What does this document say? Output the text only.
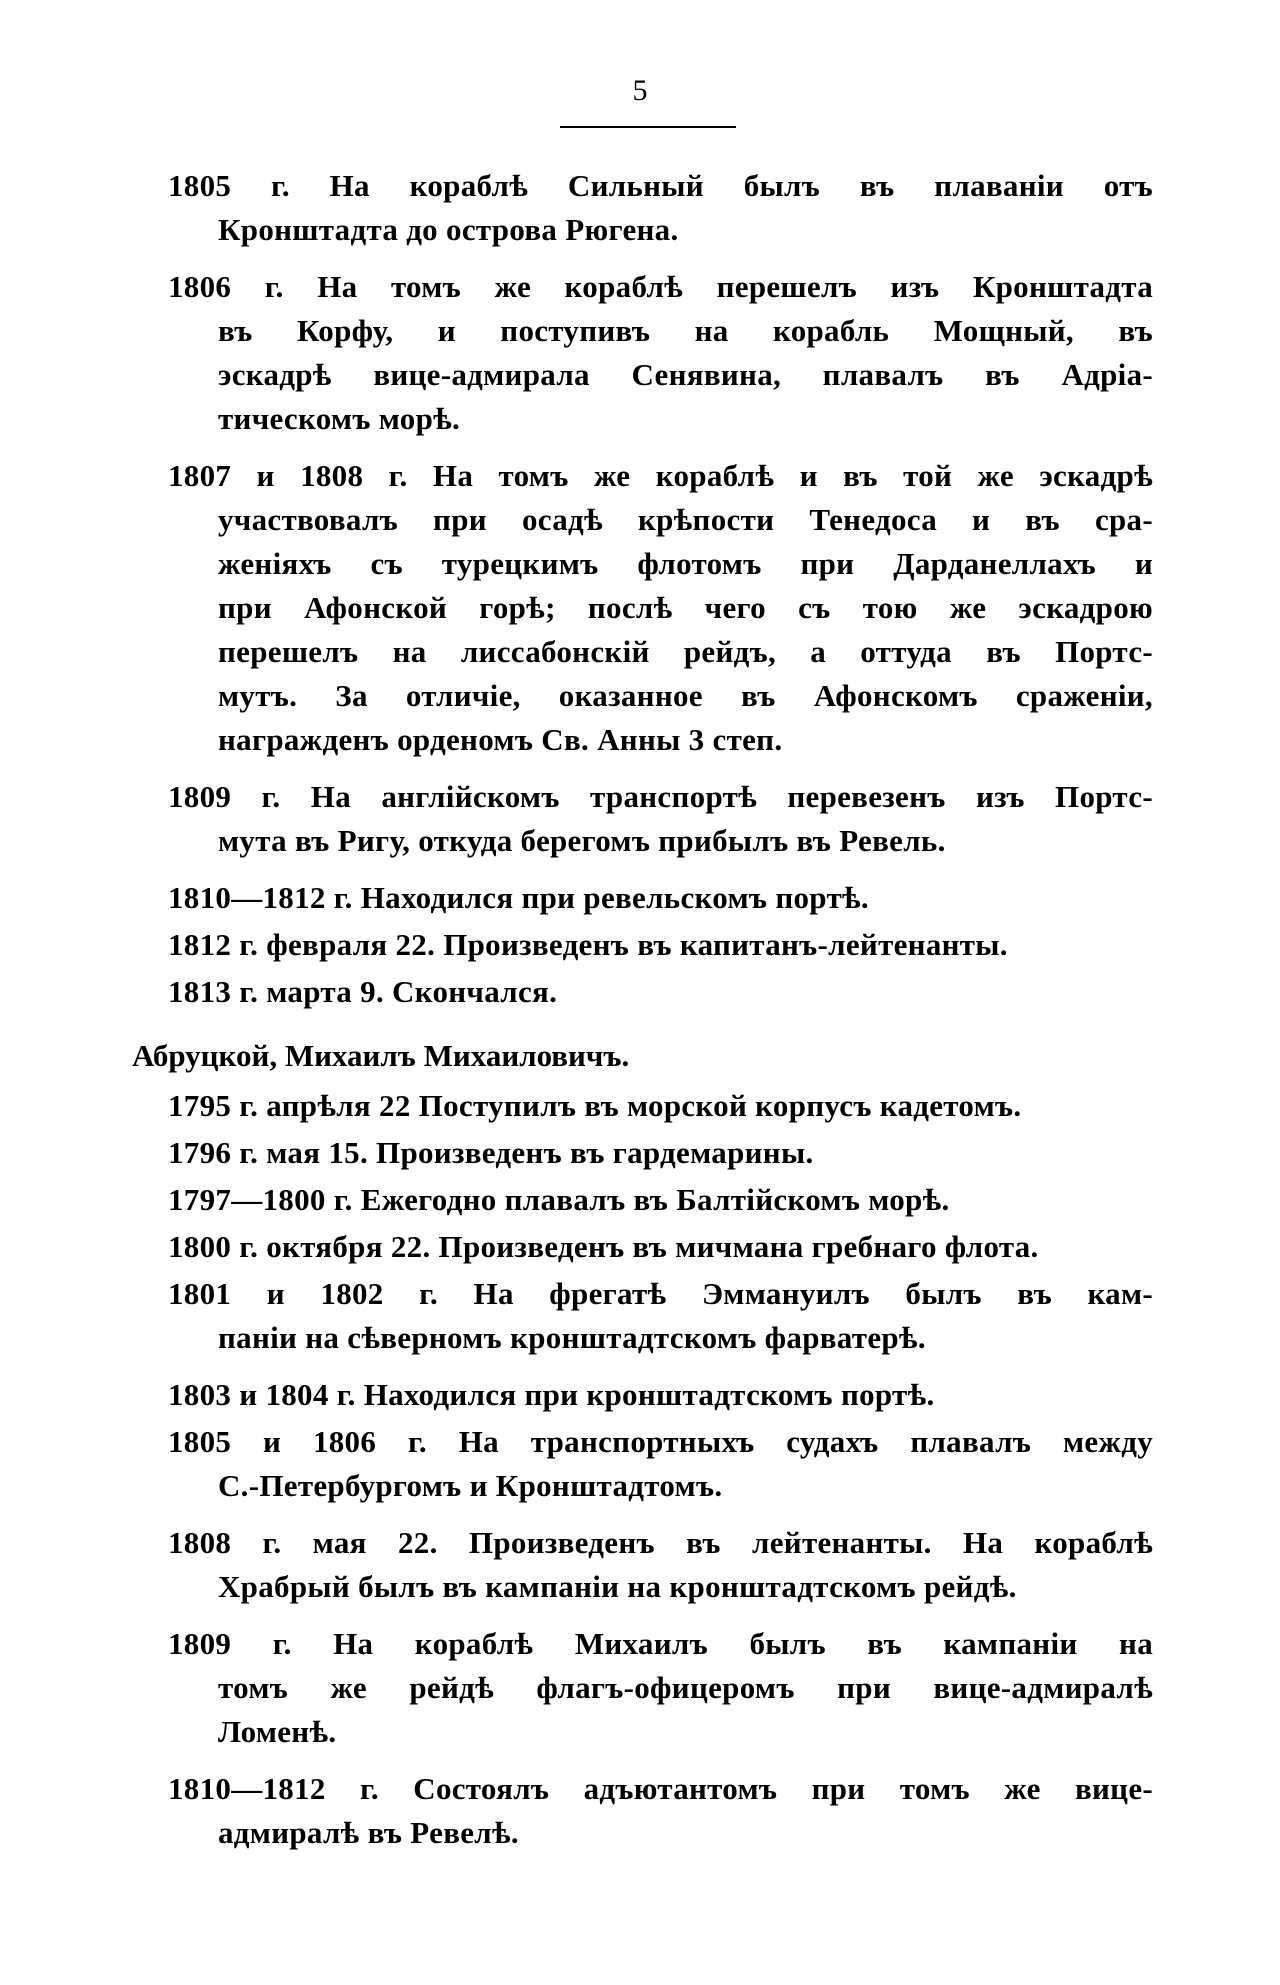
5
1805 г. На кораблѣ Сильный былъ въ плаваніи отъ
Кронштадта до острова Рюгена.
1806 г. На томъ же кораблѣ перешелъ изъ Кронштадта
въ Корфу, и поступивъ на корабль Мощный, въ
эскадрѣ вице-адмирала Сенявина, плавалъ въ Адріа-
тическомъ морѣ.
1807 и 1808 г. На томъ же кораблѣ и въ той же эскадрѣ
участвовалъ при осадѣ крѣпости Тенедоса и въ сра-
женіяхъ съ турецкимъ флотомъ при Дарданеллахъ и
при Афонской горѣ; послѣ чего съ тою же эскадрою
перешелъ на лиссабонскій рейдъ, а оттуда въ Портс-
мутъ. За отличіе, оказанное въ Афонскомъ сраженіи,
награжденъ орденомъ Св. Анны 3 степ.
1809 г. На англійскомъ транспортѣ перевезенъ изъ Портс-
мута въ Ригу, откуда берегомъ прибылъ въ Ревель.
1810—1812 г. Находился при ревельскомъ портѣ.
1812 г. февраля 22. Произведенъ въ капитанъ-лейтенанты.
1813 г. марта 9. Скончался.
Абруцкой, Михаилъ Михаиловичъ.
1795 г. апрѣля 22 Поступилъ въ морской корпусъ кадетомъ.
1796 г. мая 15. Произведенъ въ гардемарины.
1797—1800 г. Ежегодно плавалъ въ Балтійскомъ морѣ.
1800 г. октября 22. Произведенъ въ мичмана гребнаго флота.
1801 и 1802 г. На фрегатѣ Эммануилъ былъ въ кам-
паніи на сѣверномъ кронштадтскомъ фарватерѣ.
1803 и 1804 г. Находился при кронштадтскомъ портѣ.
1805 и 1806 г. На транспортныхъ судахъ плавалъ между
С.-Петербургомъ и Кронштадтомъ.
1808 г. мая 22. Произведенъ въ лейтенанты. На кораблѣ
Храбрый былъ въ кампаніи на кронштадтскомъ рейдѣ.
1809 г. На кораблѣ Михаилъ былъ въ кампаніи на
томъ же рейдѣ флагъ-офицеромъ при вице-адмиралѣ
Ломенѣ.
1810—1812 г. Состоялъ адъютантомъ при томъ же вице-
адмиралѣ въ Ревелѣ.
